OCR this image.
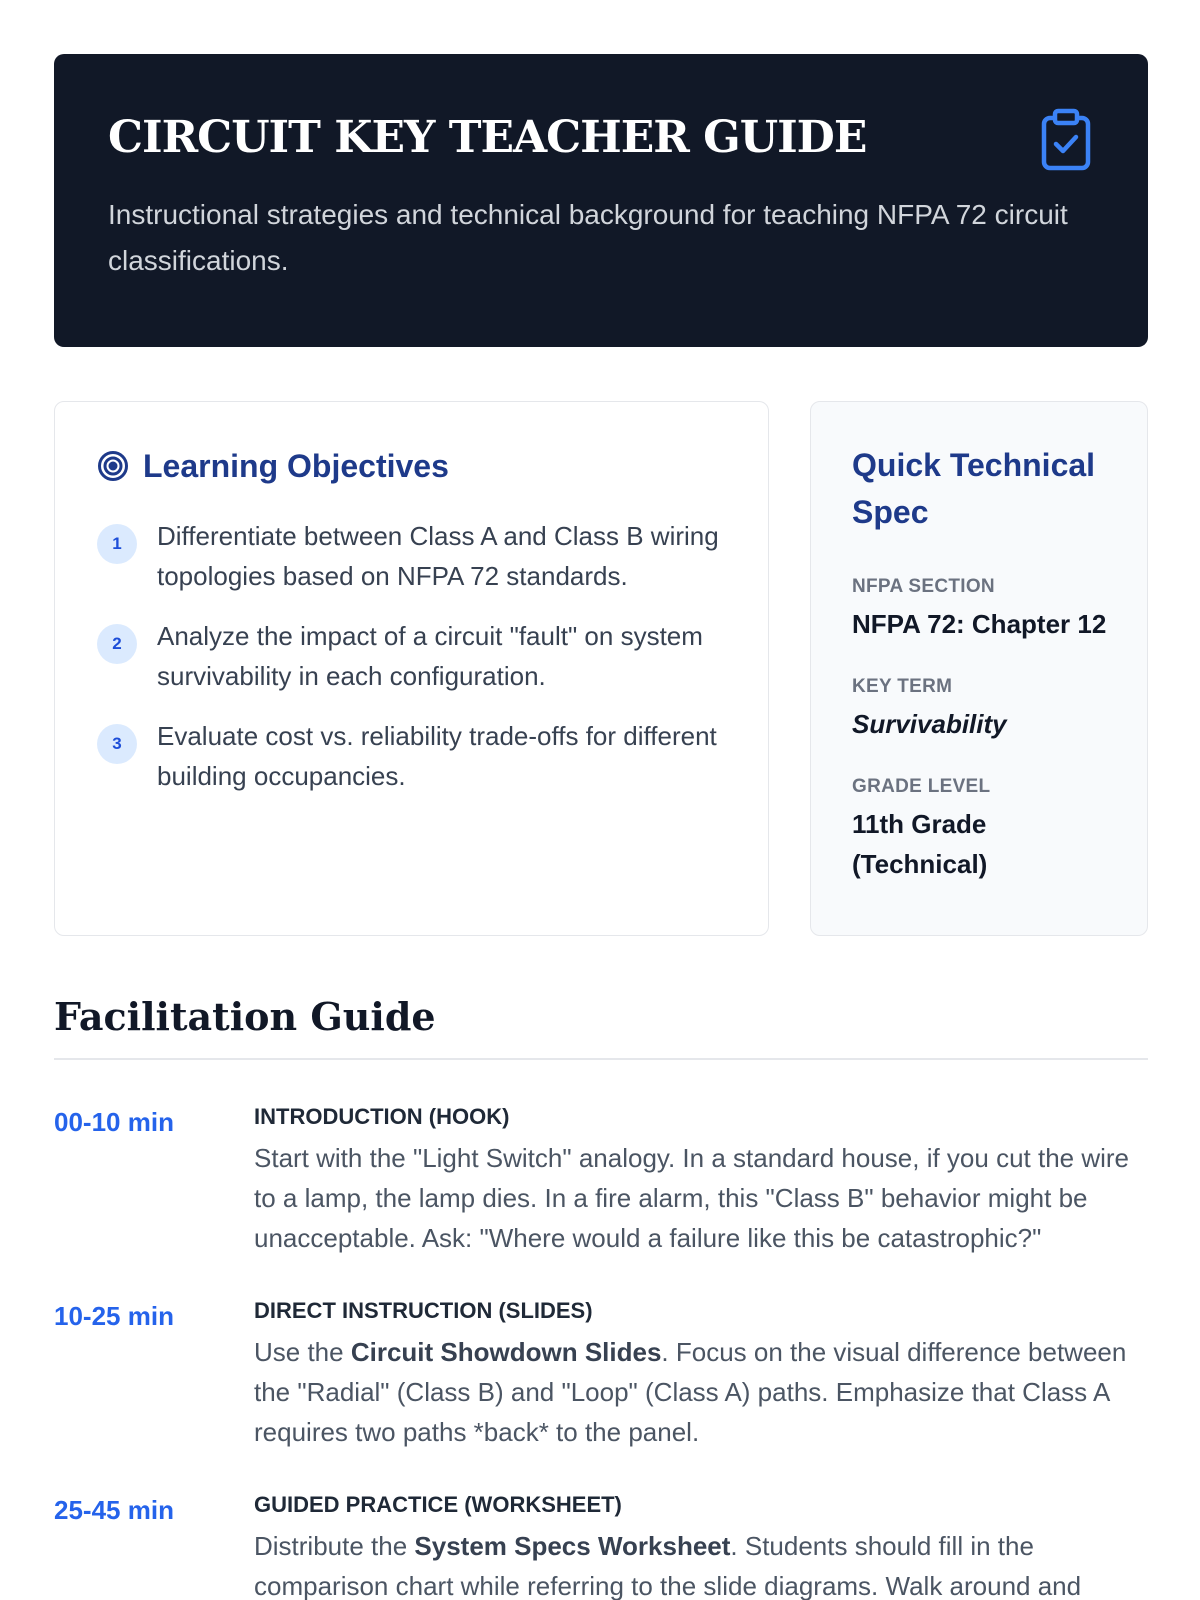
CIRCUIT KEY TEACHER GUIDE
Instructional strategies and technical background for teaching NFPA 72 circuit classifications.
Learning Objectives
1	Differentiate between Class A and Class B wiring topologies based on NFPA 72 standards.
2	Analyze the impact of a circuit "fault" on system survivability in each configuration.
3	Evaluate cost vs. reliability trade-offs for different building occupancies.
Quick Technical Spec
NFPA SECTION
NFPA 72: Chapter 12
KEY TERM
Survivability
GRADE LEVEL
11th Grade (Technical)
Facilitation Guide
00-10 min	INTRODUCTION (HOOK)
Start with the "Light Switch" analogy. In a standard house, if you cut the wire to a lamp, the lamp dies. In a fire alarm, this "Class B" behavior might be unacceptable. Ask: "Where would a failure like this be catastrophic?"
10-25 min	DIRECT INSTRUCTION (SLIDES)
Use the Circuit Showdown Slides. Focus on the visual difference between the "Radial" (Class B) and "Loop" (Class A) paths. Emphasize that Class A requires two paths *back* to the panel.
25-45 min	GUIDED PRACTICE (WORKSHEET)
Distribute the System Specs Worksheet. Students should fill in the comparison chart while referring to the slide diagrams. Walk around and
